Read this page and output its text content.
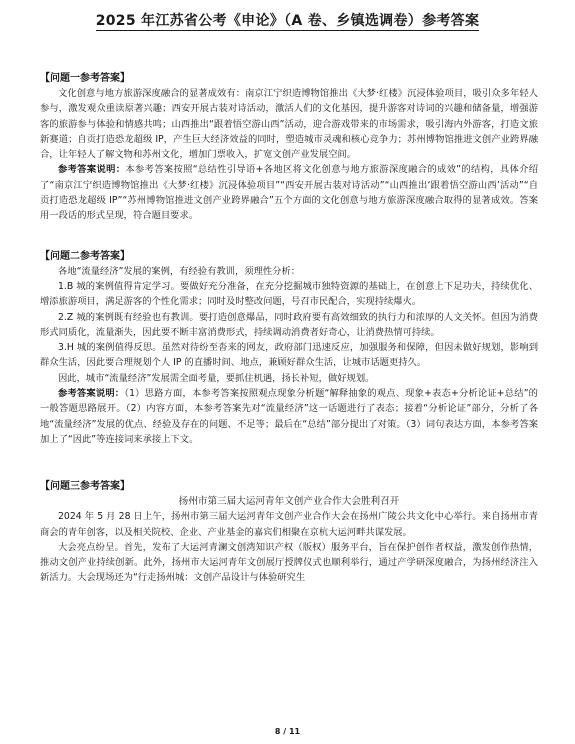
2025 年江苏省公考《申论》（A 卷、乡镇选调卷）参考答案
【问题一参考答案】

文化创意与地方旅游深度融合的显著成效有：南京江宁织造博物馆推出《大梦·红楼》沉浸体验项目，吸引众多年轻人参与，激发观众重读原著兴趣；西安开展古装对诗活动，激活人们的文化基因，提升游客对诗词的兴趣和储备量，增强游客的旅游参与体验和情感共鸣；山西推出“跟着悟空游山西”活动，迎合游戏带来的市场需求，吸引海内外游客，打造文旅新赛道；自贡打造恐龙超级 IP，产生巨大经济效益的同时，塑造城市灵魂和核心竞争力；苏州博物馆推进文创产业跨界融合，让年轻人了解文物和苏州文化，增加门票收入，扩宽文创产业发展空间。

参考答案说明：本参考答案按照“总结性引导语+各地区将文化创意与地方旅游深度融合的成效”的结构，具体介绍了“南京江宁织造博物馆推出《大梦·红楼》沉浸体验项目”“西安开展古装对诗活动”“山西推出‘跟着悟空游山西’活动”“自贡打造恐龙超级 IP”“苏州博物馆推进文创产业跨界融合”五个方面的文化创意与地方旅游深度融合取得的显著成效。答案用一段话的形式呈现，符合题目要求。

【问题二参考答案】

各地“流量经济”发展的案例，有经验有教训，须理性分析：

1.B 城的案例值得肯定学习。要做好充分准备，在充分挖掘城市独特资源的基础上，在创意上下足功夫，持续优化、增添旅游项目，满足游客的个性化需求；同时及时整改问题，号召市民配合，实现持续爆火。

2.Z 城的案例既有经验也有教训。要打造创意爆品，同时政府要有高效细致的执行力和浓厚的人文关怀。但因为消费形式同质化，流量渐失，因此要不断丰富消费形式，持续调动消费者好奇心，让消费热情可持续。

3.H 城的案例值得反思。虽然对待纷至沓来的网友，政府部门迅速反应，加强服务和保障，但因未做好规划，影响到群众生活，因此要合理规划个人 IP 的直播时间、地点，兼顾好群众生活，让城市话题更持久。

因此，城市“流量经济”发展需全面考量，要抓住机遇，扬长补短，做好规划。

参考答案说明：（1）思路方面，本参考答案按照观点现象分析题“解释抽象的观点、现象+表态+分析论证+总结”的一般答题思路展开。（2）内容方面，本参考答案先对“流量经济”这一话题进行了表态；接着“分析论证”部分，分析了各地“流量经济”发展的优点、经验及存在的问题、不足等；最后在“总结”部分提出了对策。（3）词句表达方面，本参考答案加上了“因此”等连接词来承接上下文。

【问题三参考答案】

扬州市第三届大运河青年文创产业合作大会胜利召开

2024 年 5 月 28 日上午，扬州市第三届大运河青年文创产业合作大会在扬州广陵公共文化中心举行。来自扬州市青商会的青年创客，以及相关院校、企业、产业基金的嘉宾们相聚在京杭大运河畔共谋发展。

大会亮点纷呈。首先，发布了大运河青澜文创湾知识产权（版权）服务平台，旨在保护创作者权益，激发创作热情，推动文创产业持续创新。此外，扬州市大运河青年文创展厅授牌仪式也顺利举行，通过产学研深度融合，为扬州经济注入新活力。大会现场还为“行走扬州城：文创产品设计与体验研究生

8 / 11
